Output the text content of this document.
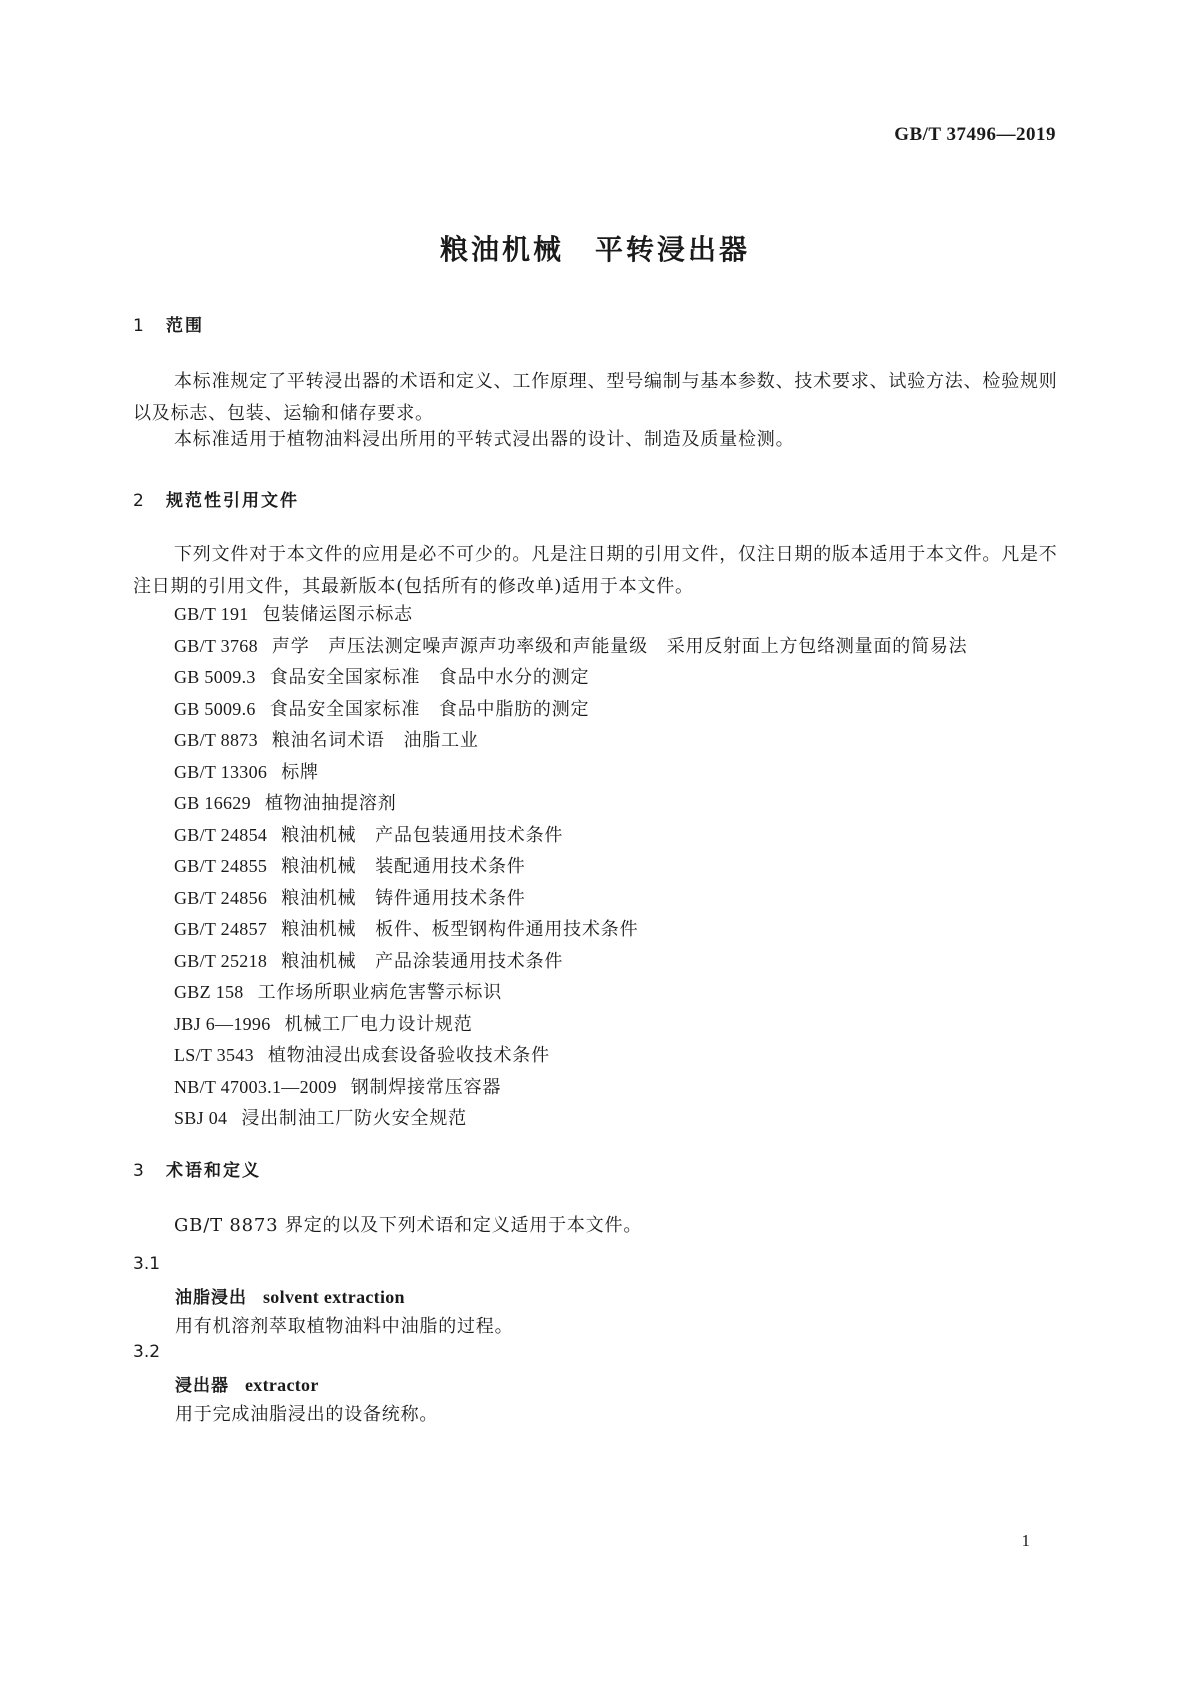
GB/T 37496—2019
粮油机械　平转浸出器
1 范围
本标准规定了平转浸出器的术语和定义、工作原理、型号编制与基本参数、技术要求、试验方法、检验规则以及标志、包装、运输和储存要求。
本标准适用于植物油料浸出所用的平转式浸出器的设计、制造及质量检测。
2 规范性引用文件
下列文件对于本文件的应用是必不可少的。凡是注日期的引用文件，仅注日期的版本适用于本文件。凡是不注日期的引用文件，其最新版本(包括所有的修改单)适用于本文件。
GB/T 191 包装储运图示标志
GB/T 3768 声学　声压法测定噪声源声功率级和声能量级　采用反射面上方包络测量面的简易法
GB 5009.3 食品安全国家标准　食品中水分的测定
GB 5009.6 食品安全国家标准　食品中脂肪的测定
GB/T 8873 粮油名词术语　油脂工业
GB/T 13306 标牌
GB 16629 植物油抽提溶剂
GB/T 24854 粮油机械　产品包装通用技术条件
GB/T 24855 粮油机械　装配通用技术条件
GB/T 24856 粮油机械　铸件通用技术条件
GB/T 24857 粮油机械　板件、板型钢构件通用技术条件
GB/T 25218 粮油机械　产品涂装通用技术条件
GBZ 158 工作场所职业病危害警示标识
JBJ 6—1996 机械工厂电力设计规范
LS/T 3543 植物油浸出成套设备验收技术条件
NB/T 47003.1—2009 钢制焊接常压容器
SBJ 04 浸出制油工厂防火安全规范
3 术语和定义
GB/T 8873 界定的以及下列术语和定义适用于本文件。
3.1
油脂浸出 solvent extraction
用有机溶剂萃取植物油料中油脂的过程。
3.2
浸出器 extractor
用于完成油脂浸出的设备统称。
1
